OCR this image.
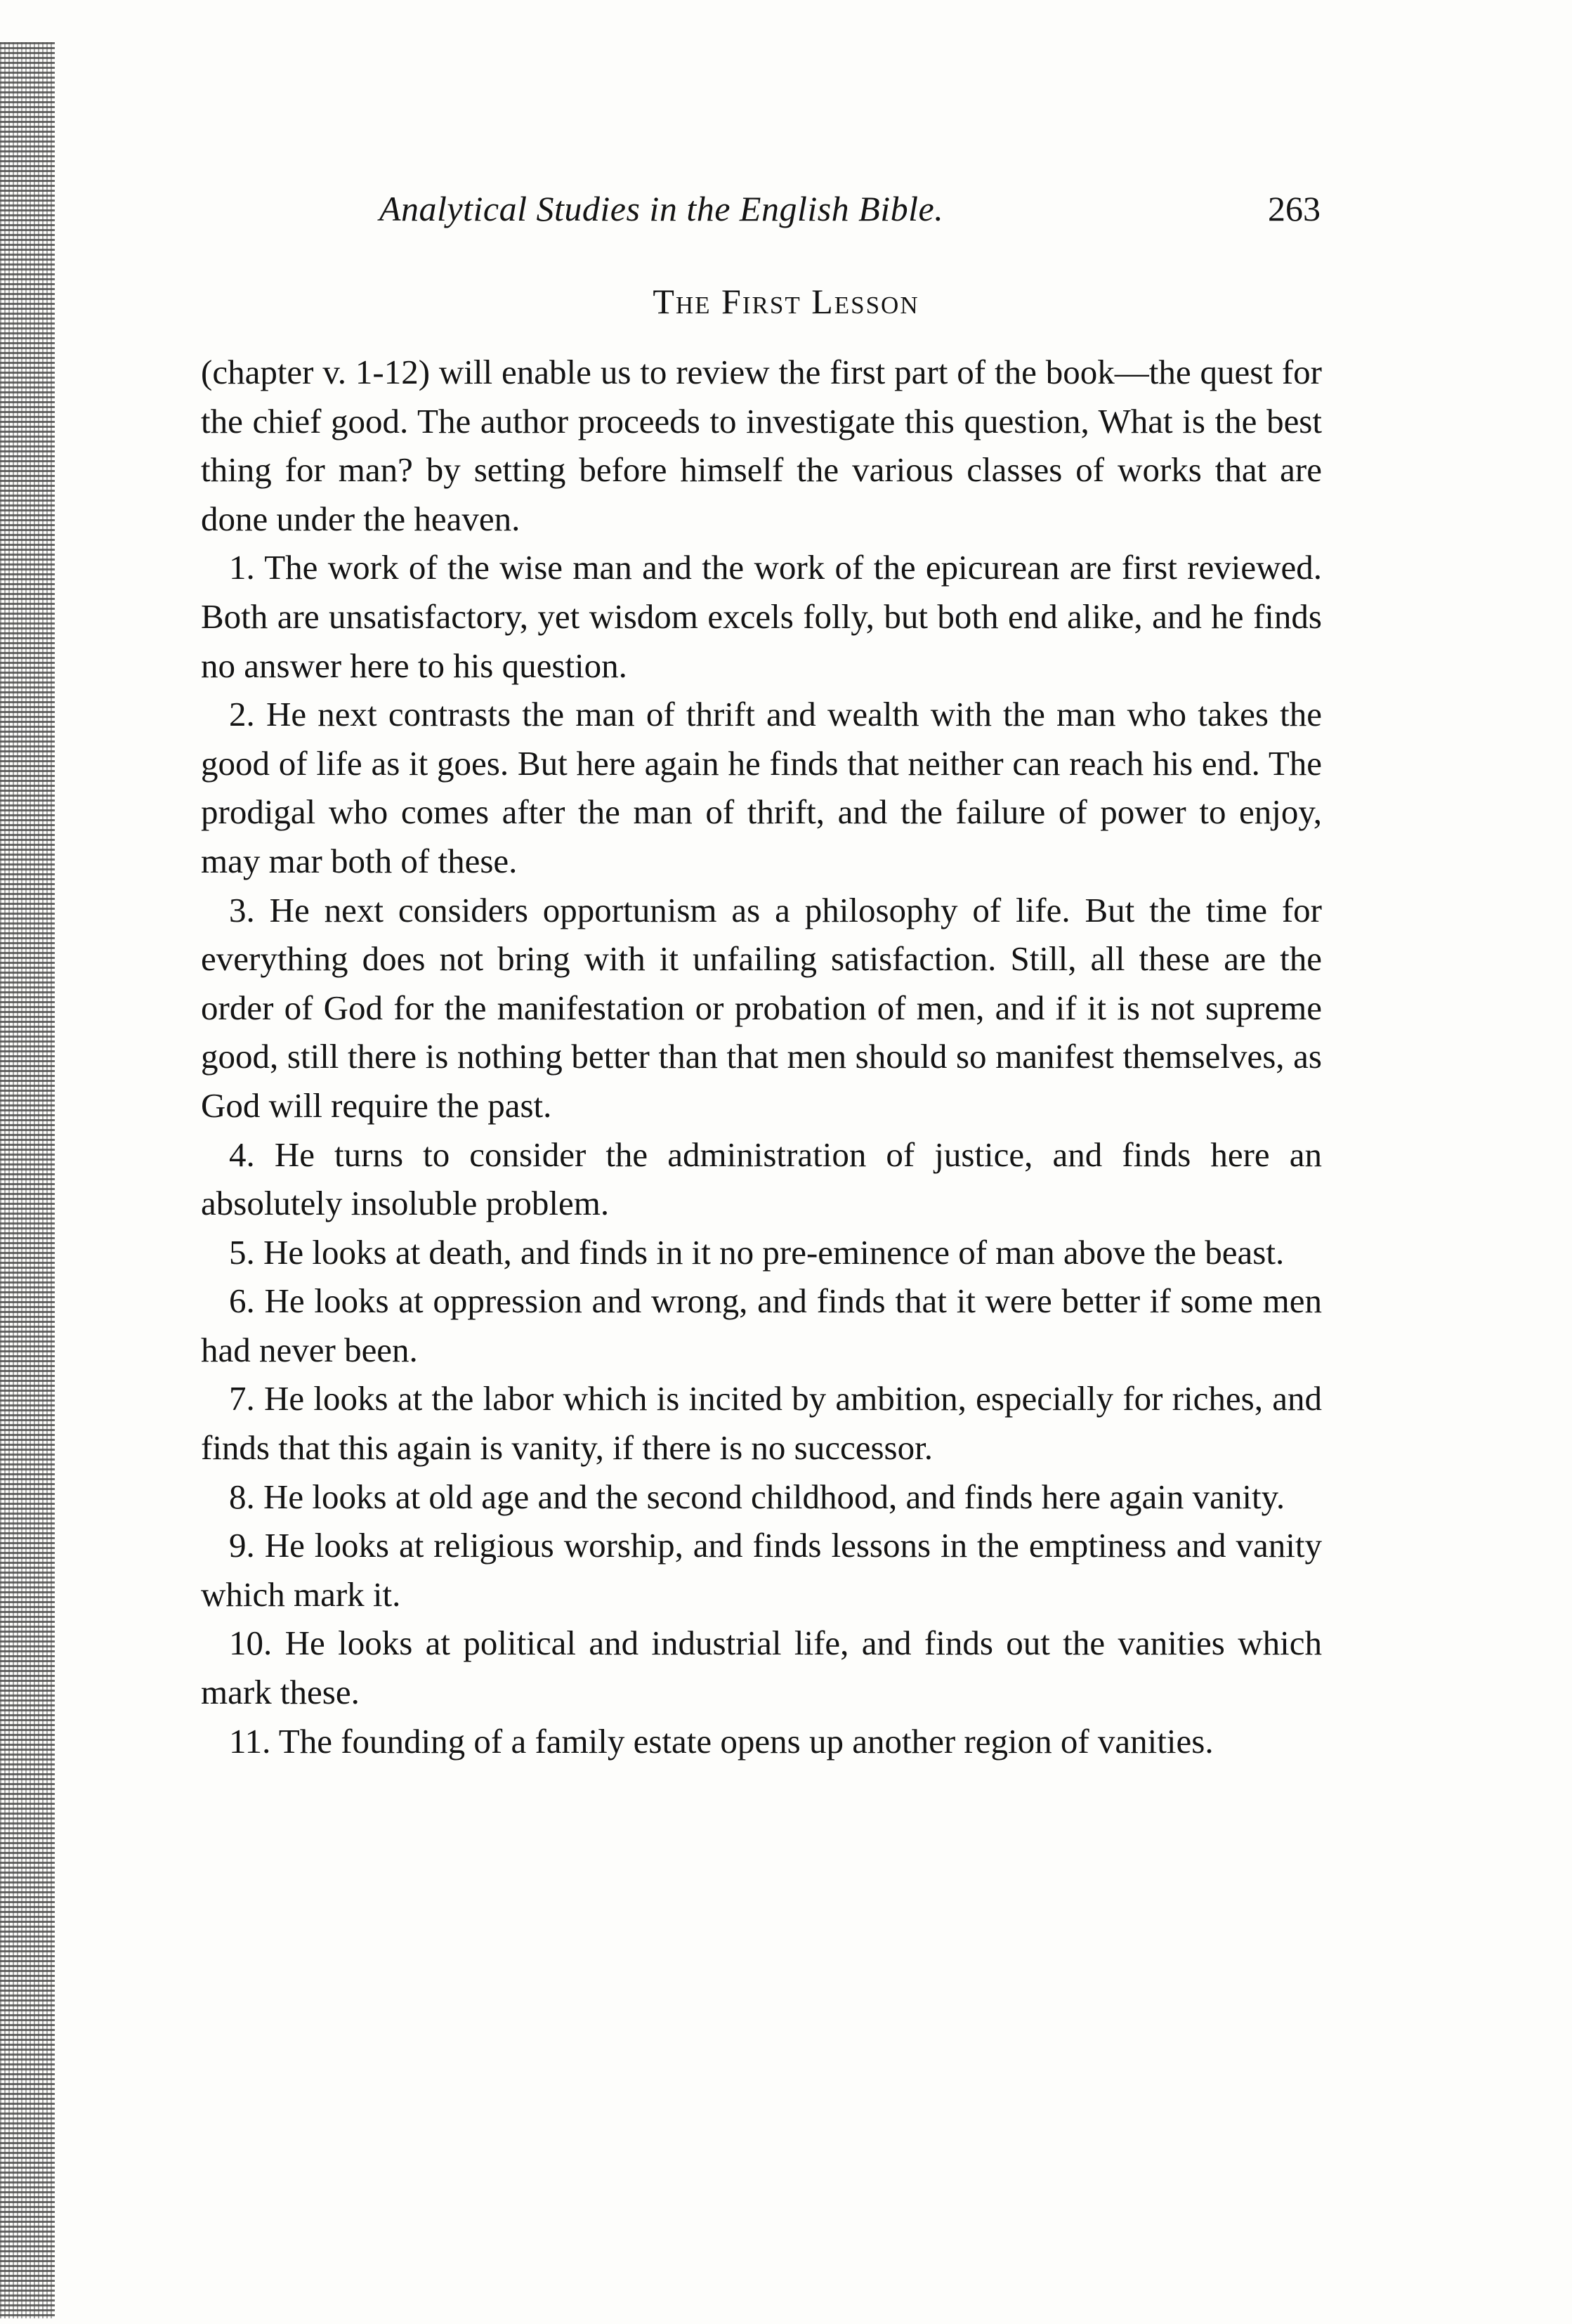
Analytical Studies in the English Bible.	263
The First Lesson

(chapter v. 1-12) will enable us to review the first part of the book—the quest for the chief good. The author proceeds to investigate this question, What is the best thing for man? by setting before himself the various classes of works that are done under the heaven.

1. The work of the wise man and the work of the epicurean are first reviewed. Both are unsatisfactory, yet wisdom excels folly, but both end alike, and he finds no answer here to his question.

2. He next contrasts the man of thrift and wealth with the man who takes the good of life as it goes. But here again he finds that neither can reach his end. The prodigal who comes after the man of thrift, and the failure of power to enjoy, may mar both of these.

3. He next considers opportunism as a philosophy of life. But the time for everything does not bring with it unfailing satisfaction. Still, all these are the order of God for the manifestation or probation of men, and if it is not supreme good, still there is nothing better than that men should so manifest themselves, as God will require the past.

4. He turns to consider the administration of justice, and finds here an absolutely insoluble problem.

5. He looks at death, and finds in it no pre-eminence of man above the beast.

6. He looks at oppression and wrong, and finds that it were better if some men had never been.

7. He looks at the labor which is incited by ambition, especially for riches, and finds that this again is vanity, if there is no successor.

8. He looks at old age and the second childhood, and finds here again vanity.

9. He looks at religious worship, and finds lessons in the emptiness and vanity which mark it.

10. He looks at political and industrial life, and finds out the vanities which mark these.

11. The founding of a family estate opens up another region of vanities.
